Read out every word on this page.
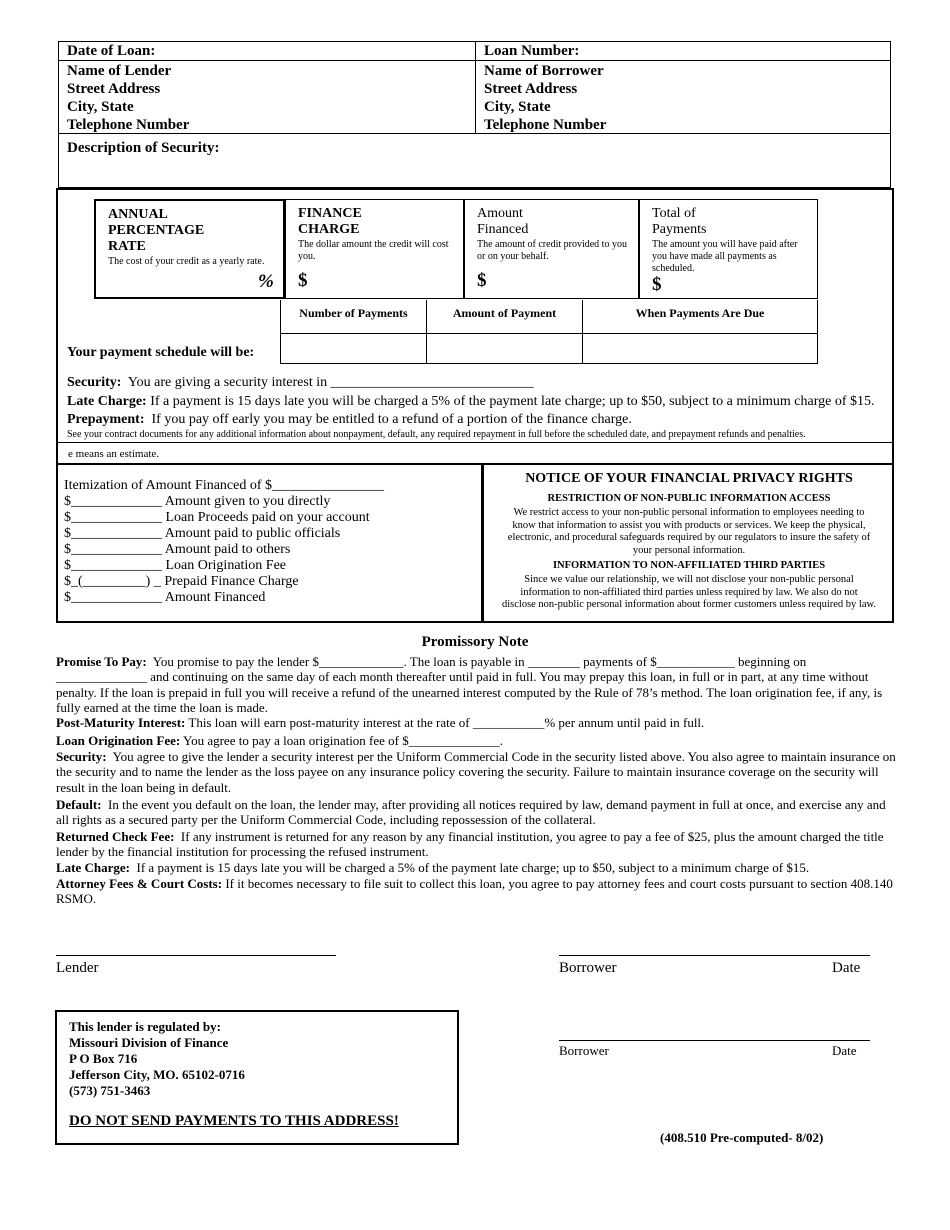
Date of Loan:	Loan Number:
Name of Lender
Street Address
City, State
Telephone Number
Name of Borrower
Street Address
City, State
Telephone Number
Description of Security:
ANNUAL
PERCENTAGE
RATE
The cost of your credit as a yearly rate.
%
FINANCE
CHARGE
The dollar amount the credit will cost you.
$
Amount
Financed
The amount of credit provided to you or on your behalf.
$
Total of
Payments
The amount you will have paid after you have made all payments as scheduled.
$
Number of Payments	Amount of Payment	When Payments Are Due
Your payment schedule will be:
Security: You are giving a security interest in _____________________________
Late Charge: If a payment is 15 days late you will be charged a 5% of the payment late charge; up to $50, subject to a minimum charge of $15.
Prepayment: If you pay off early you may be entitled to a refund of a portion of the finance charge.
See your contract documents for any additional information about nonpayment, default, any required repayment in full before the scheduled date, and prepayment refunds and penalties.
e means an estimate.
Itemization of Amount Financed of $________________
$_____________ Amount given to you directly
$_____________ Loan Proceeds paid on your account
$_____________ Amount paid to public officials
$_____________ Amount paid to others
$_____________ Loan Origination Fee
$_(_________) _ Prepaid Finance Charge
$_____________ Amount Financed
NOTICE OF YOUR FINANCIAL PRIVACY RIGHTS
RESTRICTION OF NON-PUBLIC INFORMATION ACCESS
We restrict access to your non-public personal information to employees needing to
know that information to assist you with products or services. We keep the physical,
electronic, and procedural safeguards required by our regulators to insure the safety of
your personal information.
INFORMATION TO NON-AFFILIATED THIRD PARTIES
Since we value our relationship, we will not disclose your non-public personal
information to non-affiliated third parties unless required by law. We also do not
disclose non-public personal information about former customers unless required by law.
Promissory Note
Promise To Pay: You promise to pay the lender $_____________. The loan is payable in ________ payments of $____________ beginning on ______________ and continuing on the same day of each month thereafter until paid in full. You may prepay this loan, in full or in part, at any time without penalty. If the loan is prepaid in full you will receive a refund of the unearned interest computed by the Rule of 78’s method. The loan origination fee, if any, is fully earned at the time the loan is made.
Post-Maturity Interest: This loan will earn post-maturity interest at the rate of ___________% per annum until paid in full.
Loan Origination Fee: You agree to pay a loan origination fee of $______________.
Security: You agree to give the lender a security interest per the Uniform Commercial Code in the security listed above. You also agree to maintain insurance on the security and to name the lender as the loss payee on any insurance policy covering the security. Failure to maintain insurance coverage on the security will result in the loan being in default.
Default: In the event you default on the loan, the lender may, after providing all notices required by law, demand payment in full at once, and exercise any and all rights as a secured party per the Uniform Commercial Code, including repossession of the collateral.
Returned Check Fee: If any instrument is returned for any reason by any financial institution, you agree to pay a fee of $25, plus the amount charged the title lender by the financial institution for processing the refused instrument.
Late Charge: If a payment is 15 days late you will be charged a 5% of the payment late charge; up to $50, subject to a minimum charge of $15.
Attorney Fees & Court Costs: If it becomes necessary to file suit to collect this loan, you agree to pay attorney fees and court costs pursuant to section 408.140 RSMO.
Lender	Borrower	Date
Borrower	Date
This lender is regulated by:
Missouri Division of Finance
P O Box 716
Jefferson City, MO. 65102-0716
(573) 751-3463
DO NOT SEND PAYMENTS TO THIS ADDRESS!
(408.510 Pre-computed- 8/02)
